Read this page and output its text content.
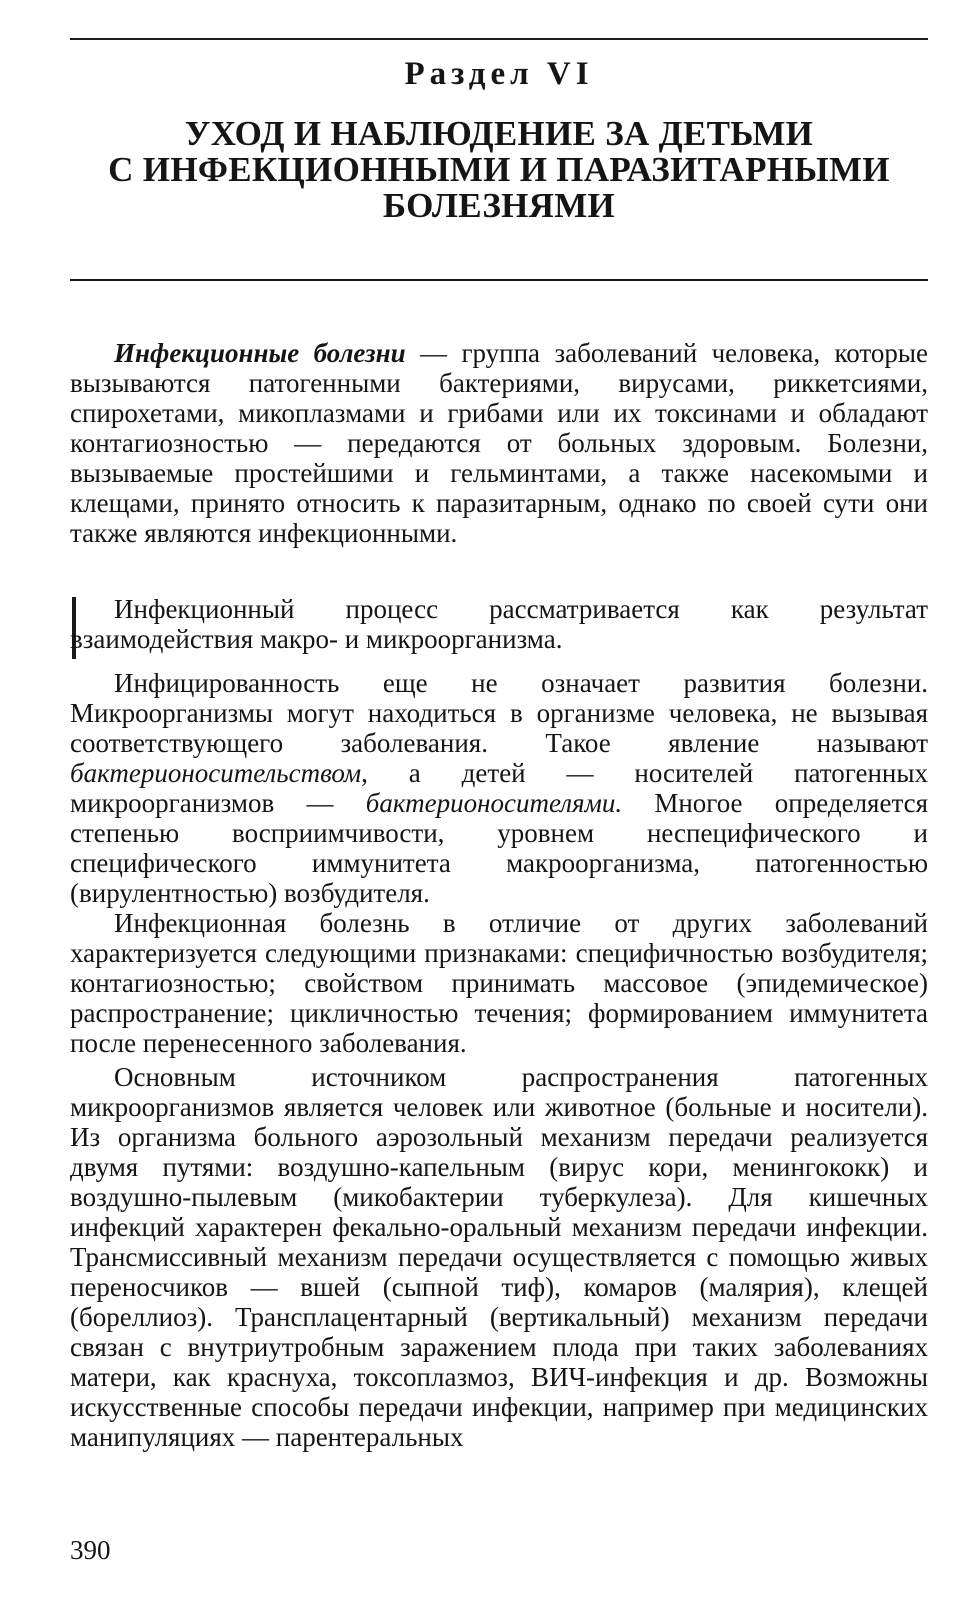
Раздел VI
УХОД И НАБЛЮДЕНИЕ ЗА ДЕТЬМИ
С ИНФЕКЦИОННЫМИ И ПАРАЗИТАРНЫМИ
БОЛЕЗНЯМИ

Инфекционные болезни — группа заболеваний человека, которые вызываются патогенными бактериями, вирусами, риккетсиями, спирохетами, микоплазмами и грибами или их токсинами и обладают контагиозностью — передаются от больных здоровым. Болезни, вызываемые простейшими и гельминтами, а также насекомыми и клещами, принято относить к паразитарным, однако по своей сути они также являются инфекционными.

Инфекционный процесс рассматривается как результат взаимодействия макро- и микроорганизма.

Инфицированность еще не означает развития болезни. Микроорганизмы могут находиться в организме человека, не вызывая соответствующего заболевания. Такое явление называют бактерионосительством, а детей — носителей патогенных микроорганизмов — бактерионосителями. Многое определяется степенью восприимчивости, уровнем неспецифического и специфического иммунитета макроорганизма, патогенностью (вирулентностью) возбудителя.

Инфекционная болезнь в отличие от других заболеваний характеризуется следующими признаками: специфичностью возбудителя; контагиозностью; свойством принимать массовое (эпидемическое) распространение; цикличностью течения; формированием иммунитета после перенесенного заболевания.

Основным источником распространения патогенных микроорганизмов является человек или животное (больные и носители). Из организма больного аэрозольный механизм передачи реализуется двумя путями: воздушно-капельным (вирус кори, менингококк) и воздушно-пылевым (микобактерии туберкулеза). Для кишечных инфекций характерен фекально-оральный механизм передачи инфекции. Трансмиссивный механизм передачи осуществляется с помощью живых переносчиков — вшей (сыпной тиф), комаров (малярия), клещей (бореллиоз). Трансплацентарный (вертикальный) механизм передачи связан с внутриутробным заражением плода при таких заболеваниях матери, как краснуха, токсоплазмоз, ВИЧ-инфекция и др. Возможны искусственные способы передачи инфекции, например при медицинских манипуляциях — парентеральных

390
